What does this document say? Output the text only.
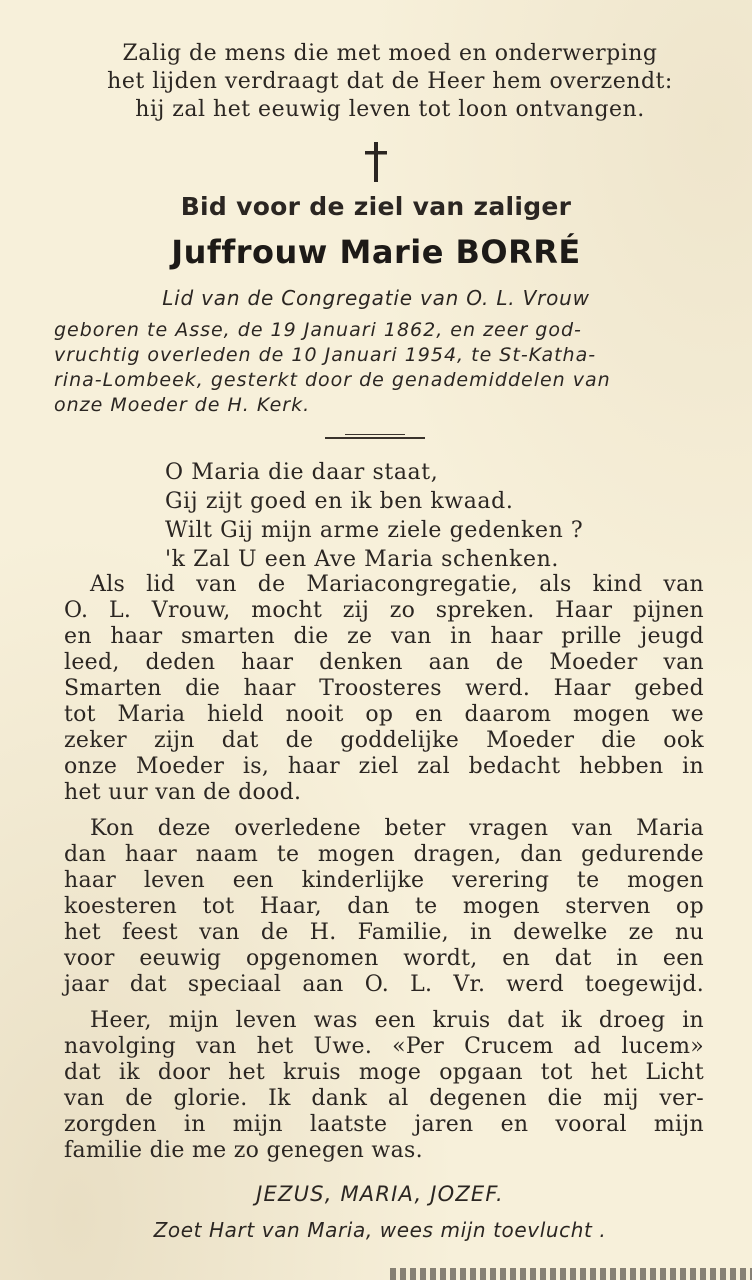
Zalig de mens die met moed en onderwerping
het lijden verdraagt dat de Heer hem overzendt:
hij zal het eeuwig leven tot loon ontvangen.
Bid voor de ziel van zaliger
Juffrouw Marie BORRÉ
Lid van de Congregatie van O. L. Vrouw
geboren te Asse, de 19 Januari 1862, en zeer god-
vruchtig overleden de 10 Januari 1954, te St-Katha-
rina-Lombeek, gesterkt door de genademiddelen van
onze Moeder de H. Kerk.
O Maria die daar staat,
Gij zijt goed en ik ben kwaad.
Wilt Gij mijn arme ziele gedenken ?
'k Zal U een Ave Maria schenken.
Als lid van de Mariacongregatie, als kind van
O. L. Vrouw, mocht zij zo spreken. Haar pijnen
en haar smarten die ze van in haar prille jeugd
leed, deden haar denken aan de Moeder van
Smarten die haar Troosteres werd. Haar gebed
tot Maria hield nooit op en daarom mogen we
zeker zijn dat de goddelijke Moeder die ook
onze Moeder is, haar ziel zal bedacht hebben in
het uur van de dood.
Kon deze overledene beter vragen van Maria
dan haar naam te mogen dragen, dan gedurende
haar leven een kinderlijke verering te mogen
koesteren tot Haar, dan te mogen sterven op
het feest van de H. Familie, in dewelke ze nu
voor eeuwig opgenomen wordt, en dat in een
jaar dat speciaal aan O. L. Vr. werd toegewijd.
Heer, mijn leven was een kruis dat ik droeg in
navolging van het Uwe. «Per Crucem ad lucem»
dat ik door het kruis moge opgaan tot het Licht
van de glorie. Ik dank al degenen die mij ver-
zorgden in mijn laatste jaren en vooral mijn
familie die me zo genegen was.
JEZUS, MARIA, JOZEF.
Zoet Hart van Maria, wees mijn toevlucht .
